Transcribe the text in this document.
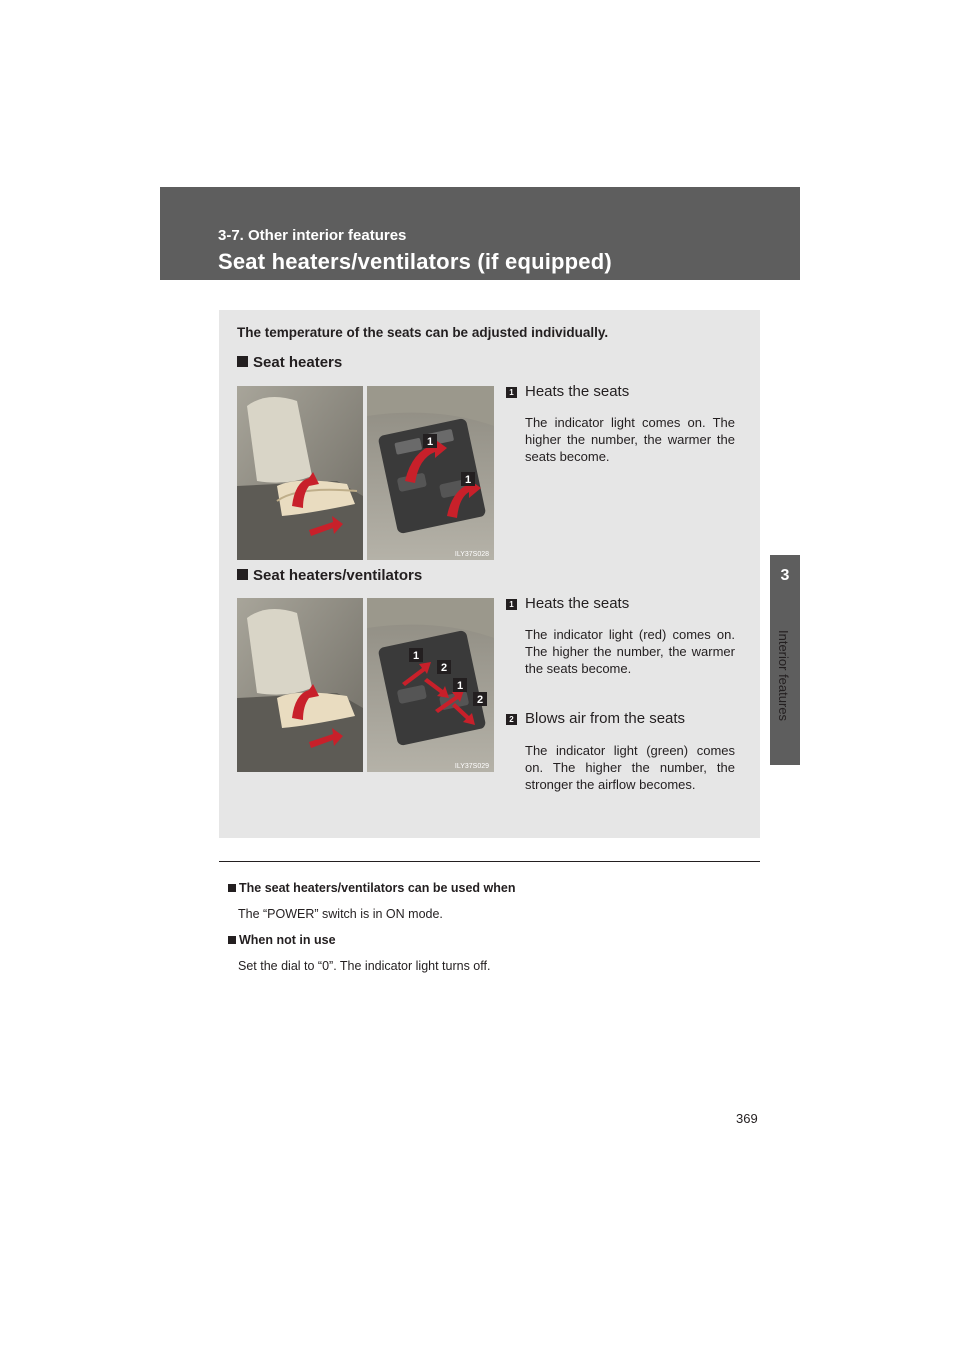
3-7. Other interior features
Seat heaters/ventilators (if equipped)
3
Interior features
The temperature of the seats can be adjusted individually.
Seat heaters
1
1
ILY37S028
1 Heats the seats
The indicator light comes on. The higher the number, the warmer the seats become.
Seat heaters/ventilators
1
2
1
2
ILY37S029
1 Heats the seats
The indicator light (red) comes on. The higher the number, the warmer the seats become.
2 Blows air from the seats
The indicator light (green) comes on. The higher the number, the stronger the airflow becomes.
The seat heaters/ventilators can be used when
The “POWER” switch is in ON mode.
When not in use
Set the dial to “0”. The indicator light turns off.
369
